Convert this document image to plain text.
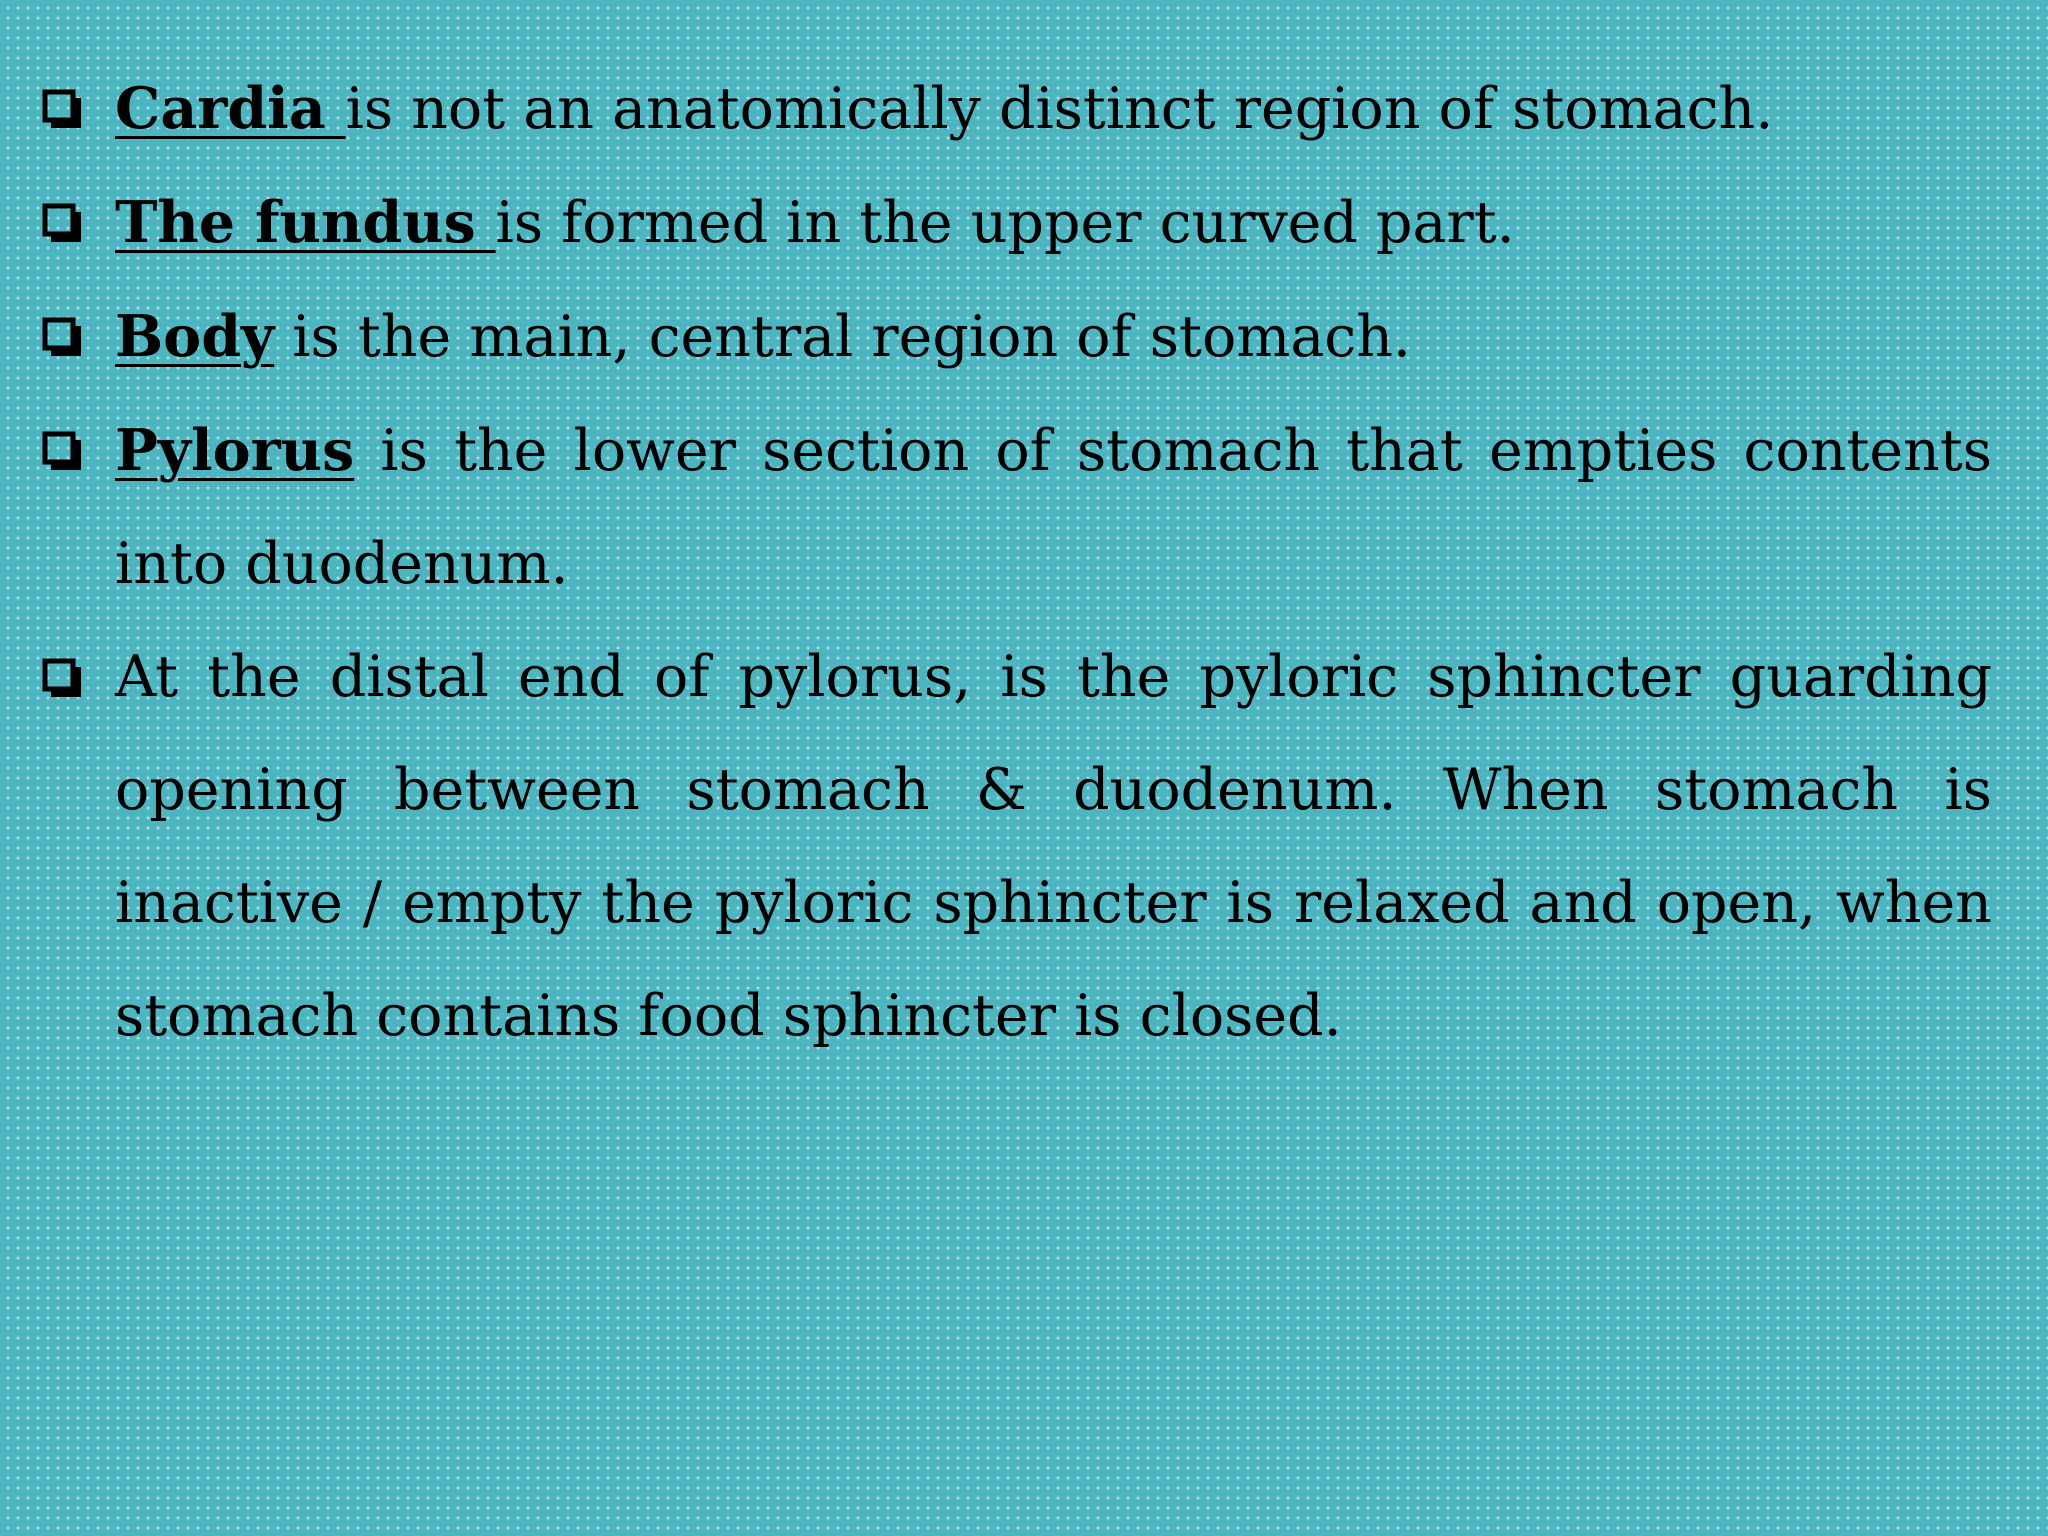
Cardia is not an anatomically distinct region of stomach.

The fundus is formed in the upper curved part.

Body is the main, central region of stomach.

Pylorus is the lower section of stomach that empties contents into duodenum.

At the distal end of pylorus, is the pyloric sphincter guarding opening between stomach & duodenum. When stomach is inactive / empty the pyloric sphincter is relaxed and open, when stomach contains food sphincter is closed.
